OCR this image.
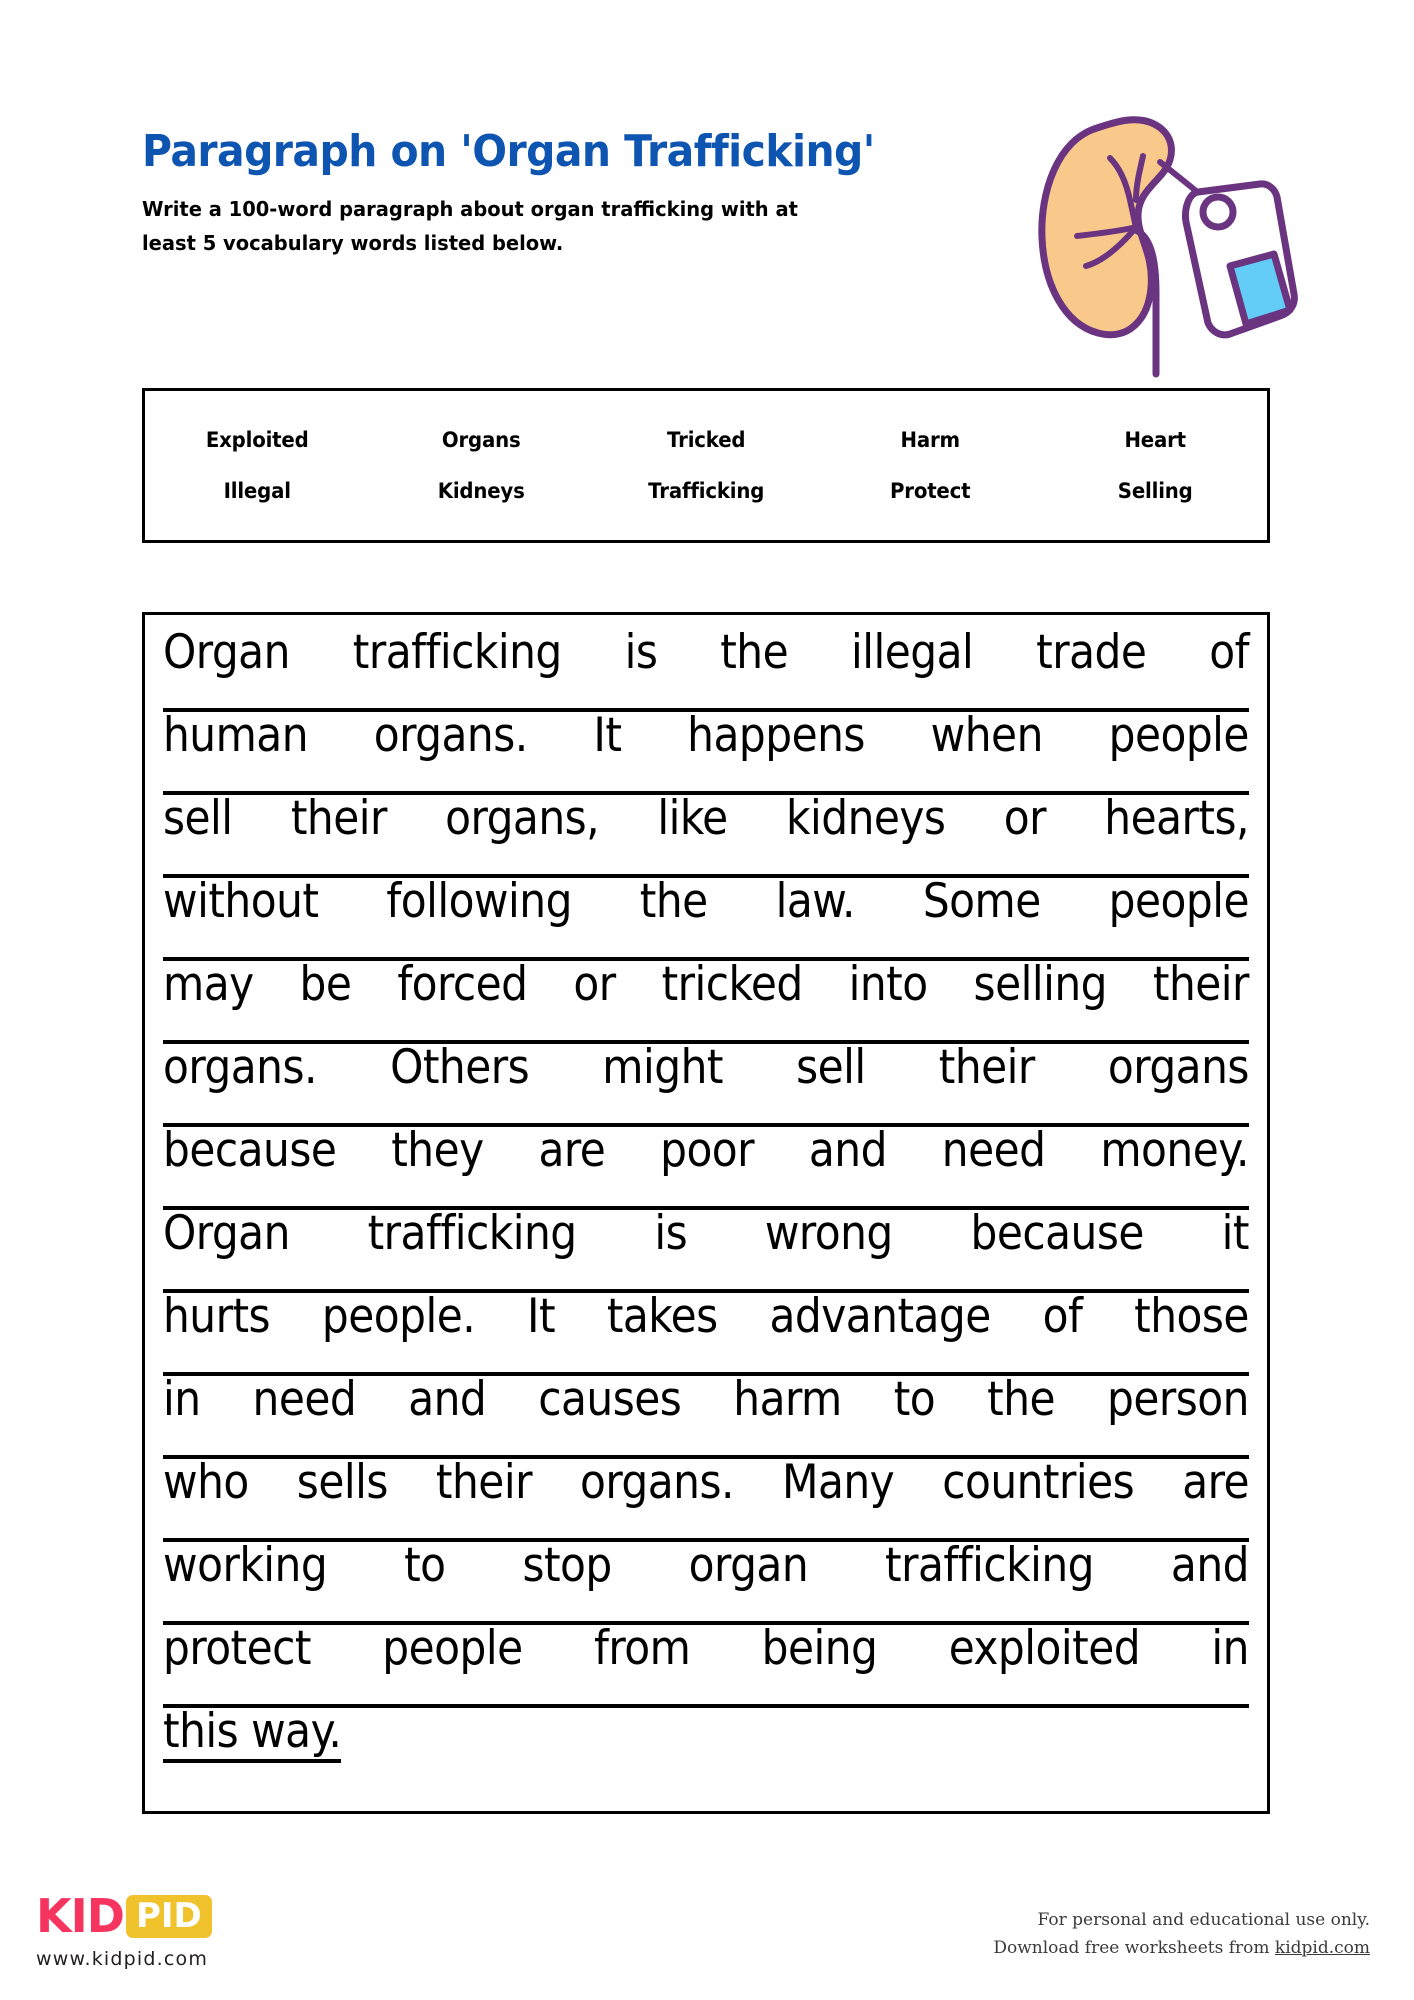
Paragraph on 'Organ Trafficking'
Write a 100-word paragraph about organ trafficking with at least 5 vocabulary words listed below.
Exploited	Organs	Tricked	Harm	Heart
Illegal	Kidneys	Trafficking	Protect	Selling
Organ trafficking is the illegal trade of
human organs. It happens when people
sell their organs, like kidneys or hearts,
without following the law. Some people
may be forced or tricked into selling their
organs. Others might sell their organs
because they are poor and need money.
Organ trafficking is wrong because it
hurts people. It takes advantage of those
in need and causes harm to the person
who sells their organs. Many countries are
working to stop organ trafficking and
protect people from being exploited in
this way.
KID PID
www.kidpid.com
For personal and educational use only.
Download free worksheets from kidpid.com
